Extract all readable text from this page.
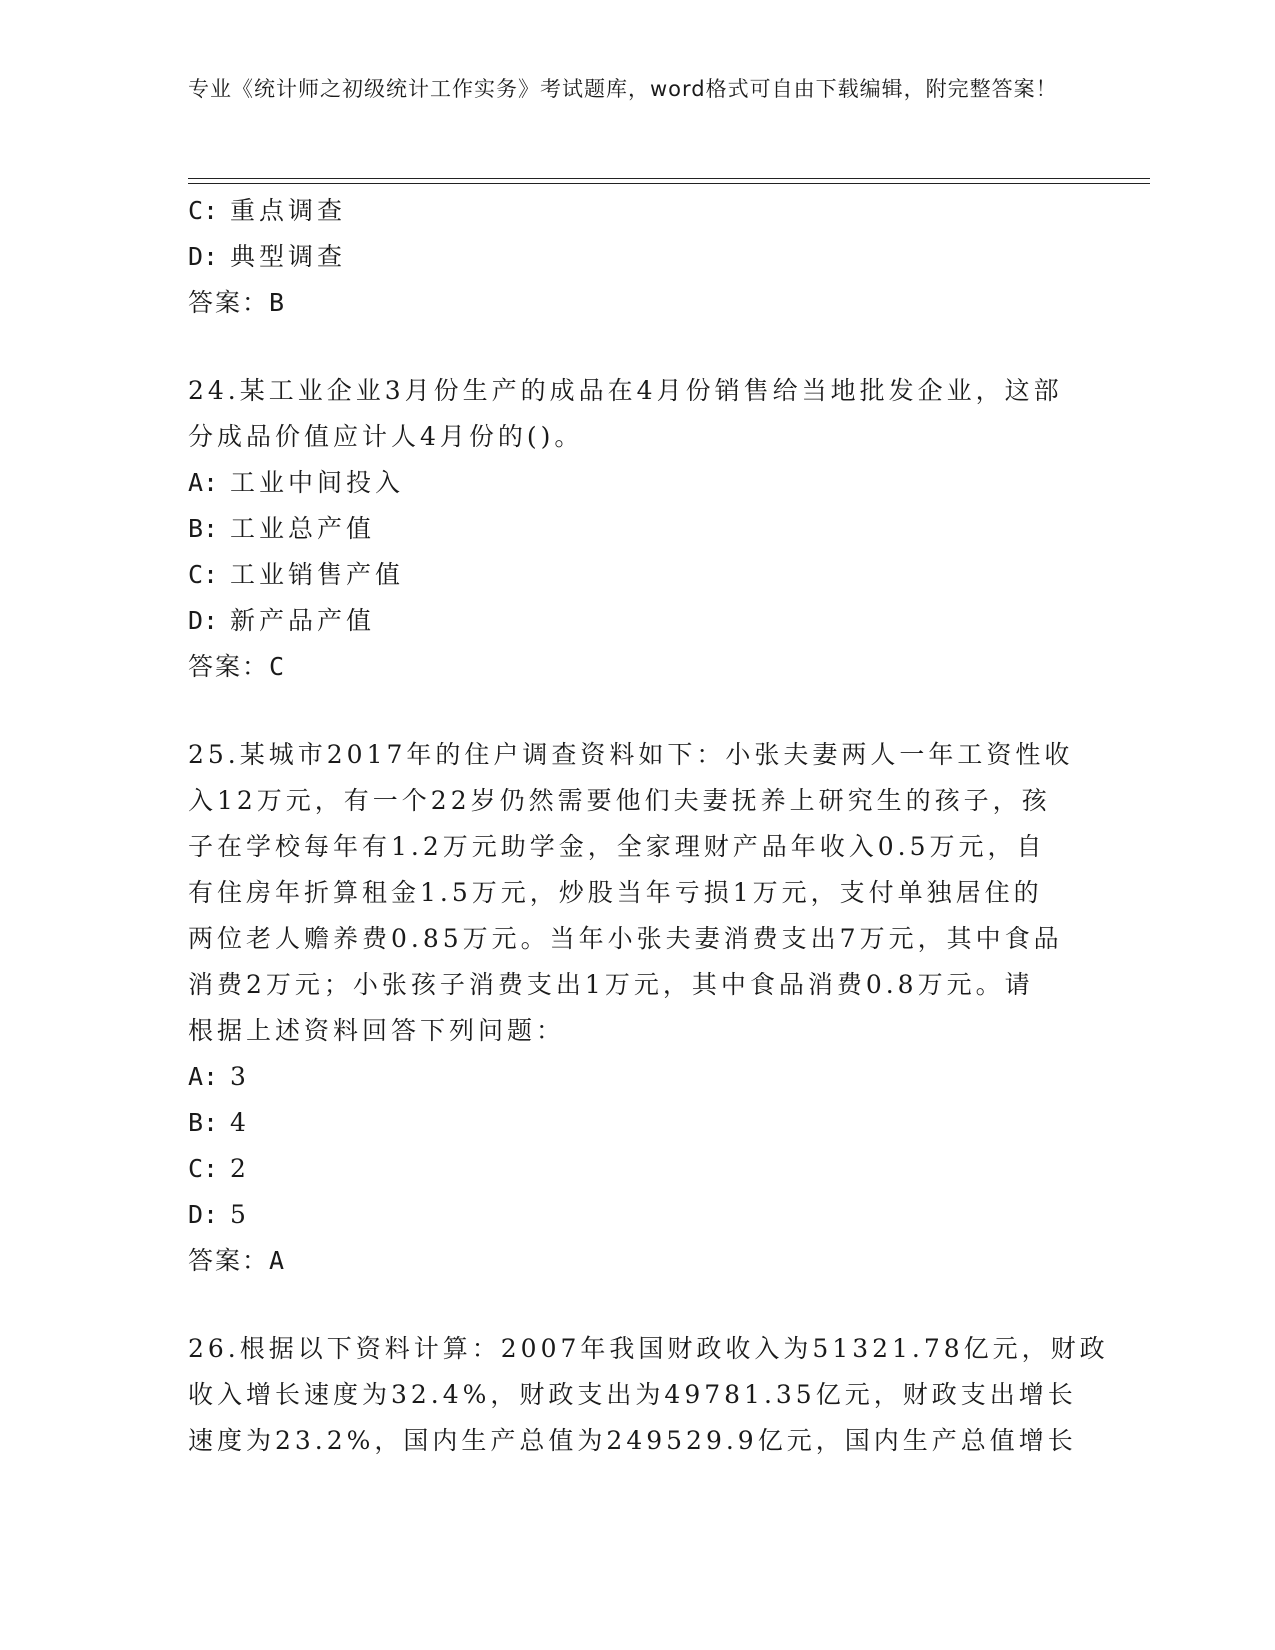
专业《统计师之初级统计工作实务》考试题库，word格式可自由下载编辑，附完整答案！
C: 重点调查
D: 典型调查
答案：B
24.某工业企业3月份生产的成品在4月份销售给当地批发企业，这部
分成品价值应计人4月份的()。
A: 工业中间投入
B: 工业总产值
C: 工业销售产值
D: 新产品产值
答案：C
25.某城市2017年的住户调查资料如下：小张夫妻两人一年工资性收
入12万元，有一个22岁仍然需要他们夫妻抚养上研究生的孩子，孩
子在学校每年有1.2万元助学金，全家理财产品年收入0.5万元，自
有住房年折算租金1.5万元，炒股当年亏损1万元，支付单独居住的
两位老人赡养费0.85万元。当年小张夫妻消费支出7万元，其中食品
消费2万元；小张孩子消费支出1万元，其中食品消费0.8万元。请
根据上述资料回答下列问题：
A: 3
B: 4
C: 2
D: 5
答案：A
26.根据以下资料计算：2007年我国财政收入为51321.78亿元，财政
收入增长速度为32.4%，财政支出为49781.35亿元，财政支出增长
速度为23.2%，国内生产总值为249529.9亿元，国内生产总值增长
